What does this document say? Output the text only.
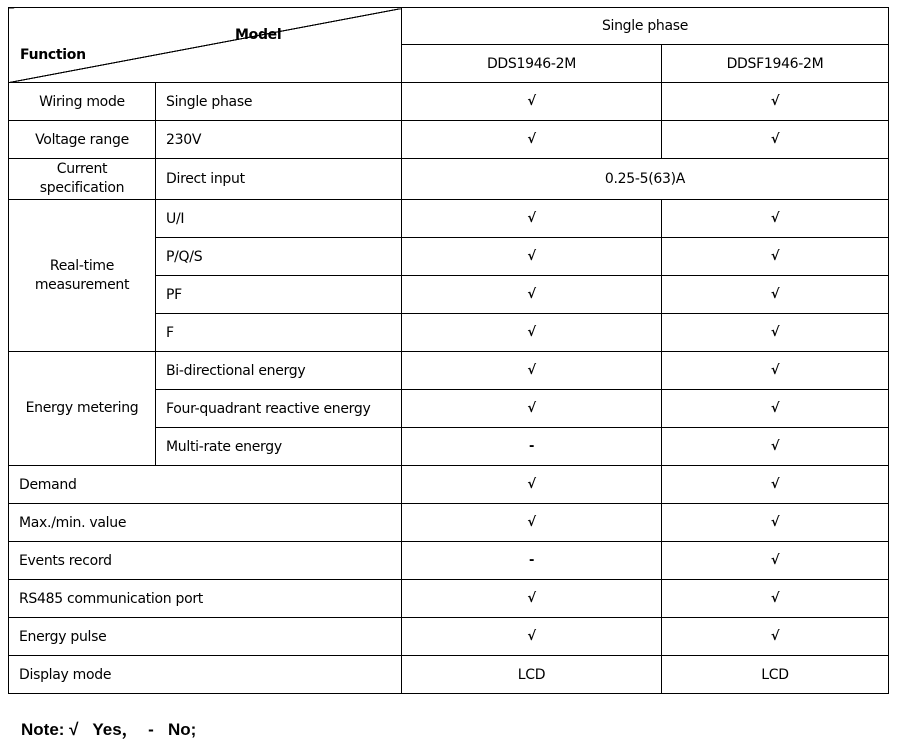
Model
Function		Single phase	
		DDS1946-2M	DDSF1946-2M
Wiring mode	Single phase	√	√
Voltage range	230V	√	√
Current specification	Direct input	0.25-5(63)A	
Real-time measurement	U/I	√	√
	P/Q/S	√	√
	PF	√	√
	F	√	√
Energy metering	Bi-directional energy	√	√
	Four-quadrant reactive energy	√	√
	Multi-rate energy	-	√
Demand		√	√
Max./min. value		√	√
Events record		-	√
RS485 communication port		√	√
Energy pulse		√	√
Display mode		LCD	LCD
Note: √   Yes，  -   No;
